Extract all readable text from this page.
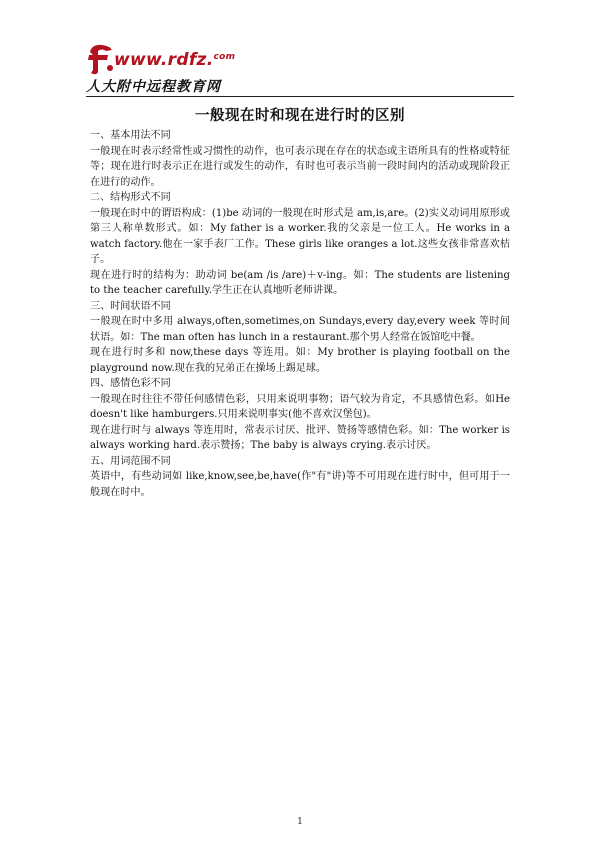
www.rdfz.$^{com}$
人大附中远程教育网
一般现在时和现在进行时的区别

一、基本用法不同

一般现在时表示经常性或习惯性的动作，也可表示现在存在的状态或主语所具有的性格或特征等；现在进行时表示正在进行或发生的动作，有时也可表示当前一段时间内的活动或现阶段正在进行的动作。

二、结构形式不同

一般现在时中的谓语构成：(1)be 动词的一般现在时形式是 am,is,are。(2)实义动词用原形或第三人称单数形式。如：My father is a worker.我的父亲是一位工人。He works in a watch factory.他在一家手表厂工作。These girls like oranges a lot.这些女孩非常喜欢桔子。

现在进行时的结构为：助动词 be(am /is /are)＋v-ing。如：The students are listening to the teacher carefully.学生正在认真地听老师讲课。

三、时间状语不同

一般现在时中多用 always,often,sometimes,on Sundays,every day,every week 等时间状语。如：The man often has lunch in a restaurant.那个男人经常在饭馆吃中餐。

现在进行时多和 now,these days 等连用。如：My brother is playing football on the playground now.现在我的兄弟正在操场上踢足球。

四、感情色彩不同

一般现在时往往不带任何感情色彩，只用来说明事物；语气较为肯定，不具感情色彩。如He doesn't like hamburgers.只用来说明事实(他不喜欢汉堡包)。

现在进行时与 always 等连用时，常表示讨厌、批评、赞扬等感情色彩。如：The worker is always working hard.表示赞扬；The baby is always crying.表示讨厌。

五、用词范围不同

英语中，有些动词如 like,know,see,be,have(作"有"讲)等不可用现在进行时中，但可用于一般现在时中。

1
